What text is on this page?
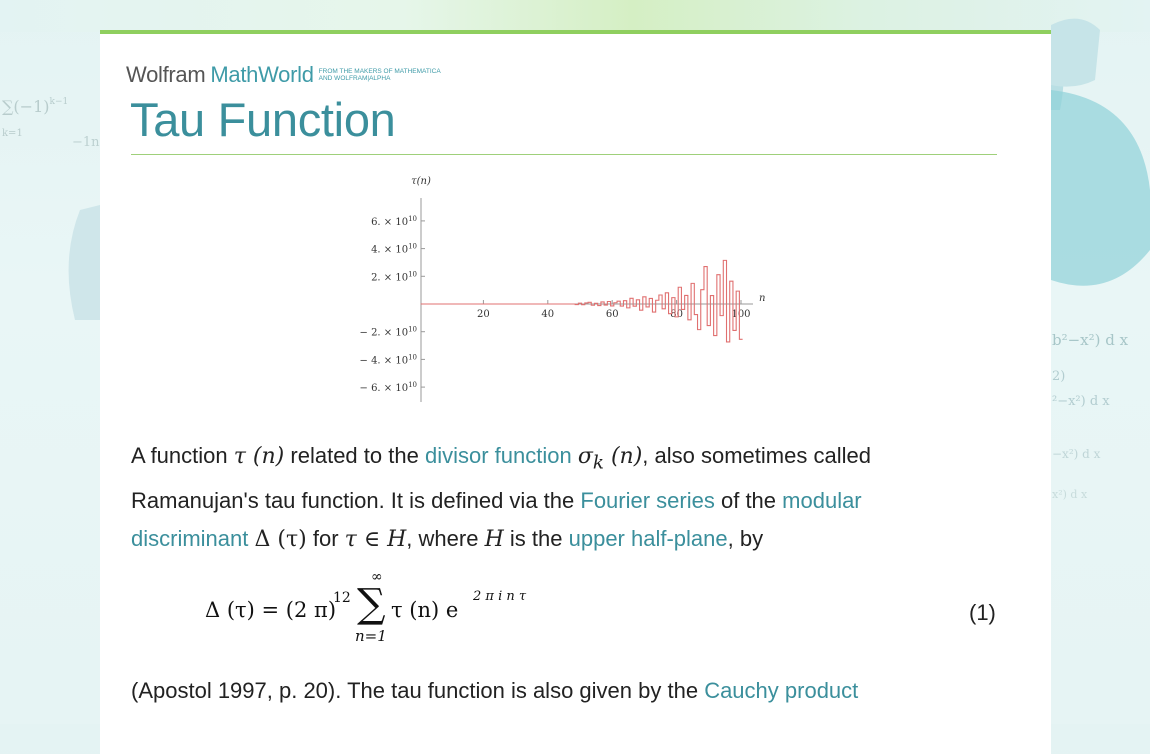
$\sum(-1)^{k-1}$
k=1
−1n
b²−x²) d x
2)
²−x²) d x
−x²) d x
x²) d x
Wolfram MathWorld FROM THE MAKERS OF MATHEMATICA
AND WOLFRAM|ALPHA
Tau Function
6. × $10^{10}$
4. × $10^{10}$
2. × $10^{10}$
− 2. × $10^{10}$
− 4. × $10^{10}$
− 6. × $10^{10}$
20	40	60	80	100
τ(n)
n
A function τ (n) related to the divisor function $\sigma_k$ (n), also sometimes called
Ramanujan's tau function. It is defined via the Fourier series of the modular
discriminant Δ (τ) for τ ∈ H, where H is the upper half-plane, by
Δ (τ) = (2 π)
12
∞
∑
n=1
τ (n) e
2 π i n τ
(1)
(Apostol 1997, p. 20). The tau function is also given by the Cauchy product
